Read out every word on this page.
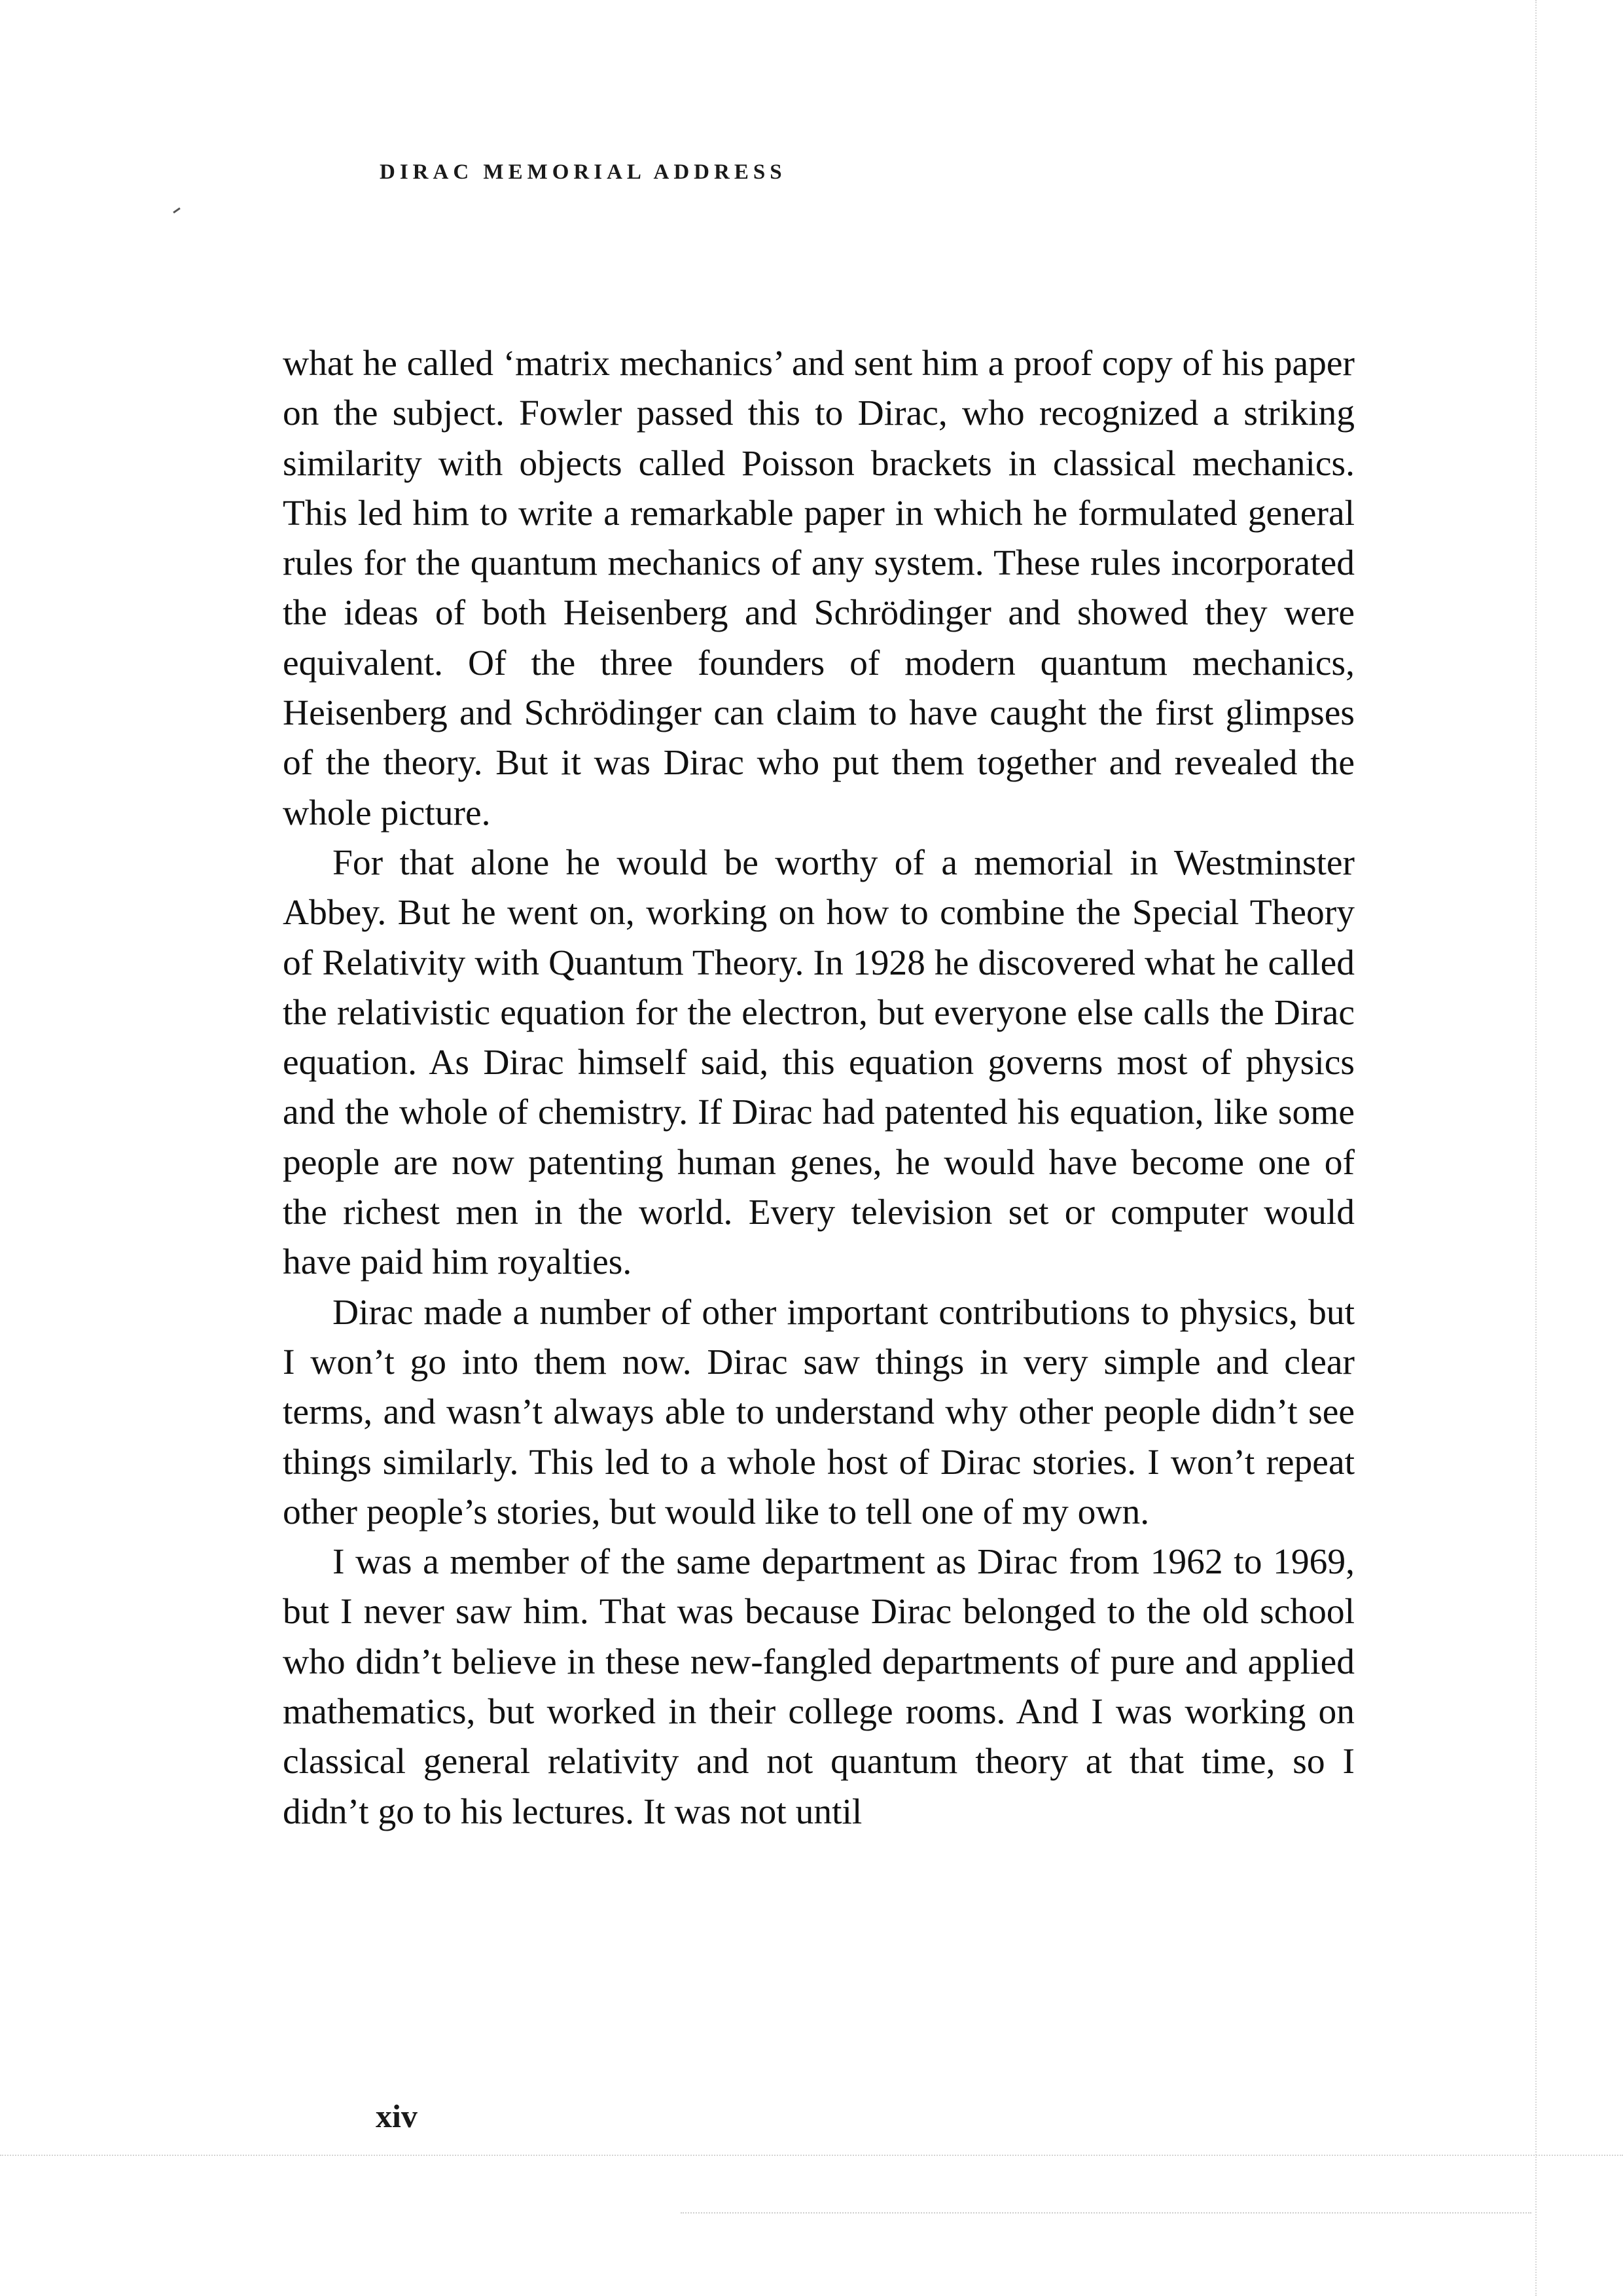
DIRAC MEMORIAL ADDRESS

what he called ‘matrix mechanics’ and sent him a proof copy of his paper on the subject. Fowler passed this to Dirac, who recognized a striking similarity with objects called Poisson brackets in classical mechanics. This led him to write a remarkable paper in which he formulated general rules for the quantum mechanics of any system. These rules incorporated the ideas of both Heisenberg and Schrödinger and showed they were equivalent. Of the three founders of modern quantum mechanics, Heisenberg and Schrödinger can claim to have caught the first glimpses of the theory. But it was Dirac who put them together and revealed the whole picture.

For that alone he would be worthy of a memorial in Westminster Abbey. But he went on, working on how to combine the Special Theory of Relativity with Quantum Theory. In 1928 he discovered what he called the relativistic equation for the electron, but everyone else calls the Dirac equation. As Dirac himself said, this equation governs most of physics and the whole of chemistry. If Dirac had patented his equation, like some people are now patenting human genes, he would have become one of the richest men in the world. Every television set or computer would have paid him royalties.

Dirac made a number of other important contributions to physics, but I won’t go into them now. Dirac saw things in very simple and clear terms, and wasn’t always able to understand why other people didn’t see things similarly. This led to a whole host of Dirac stories. I won’t repeat other people’s stories, but would like to tell one of my own.

I was a member of the same department as Dirac from 1962 to 1969, but I never saw him. That was because Dirac belonged to the old school who didn’t believe in these new-fangled departments of pure and applied mathematics, but worked in their college rooms. And I was working on classical general relativity and not quantum theory at that time, so I didn’t go to his lectures. It was not until

xiv
